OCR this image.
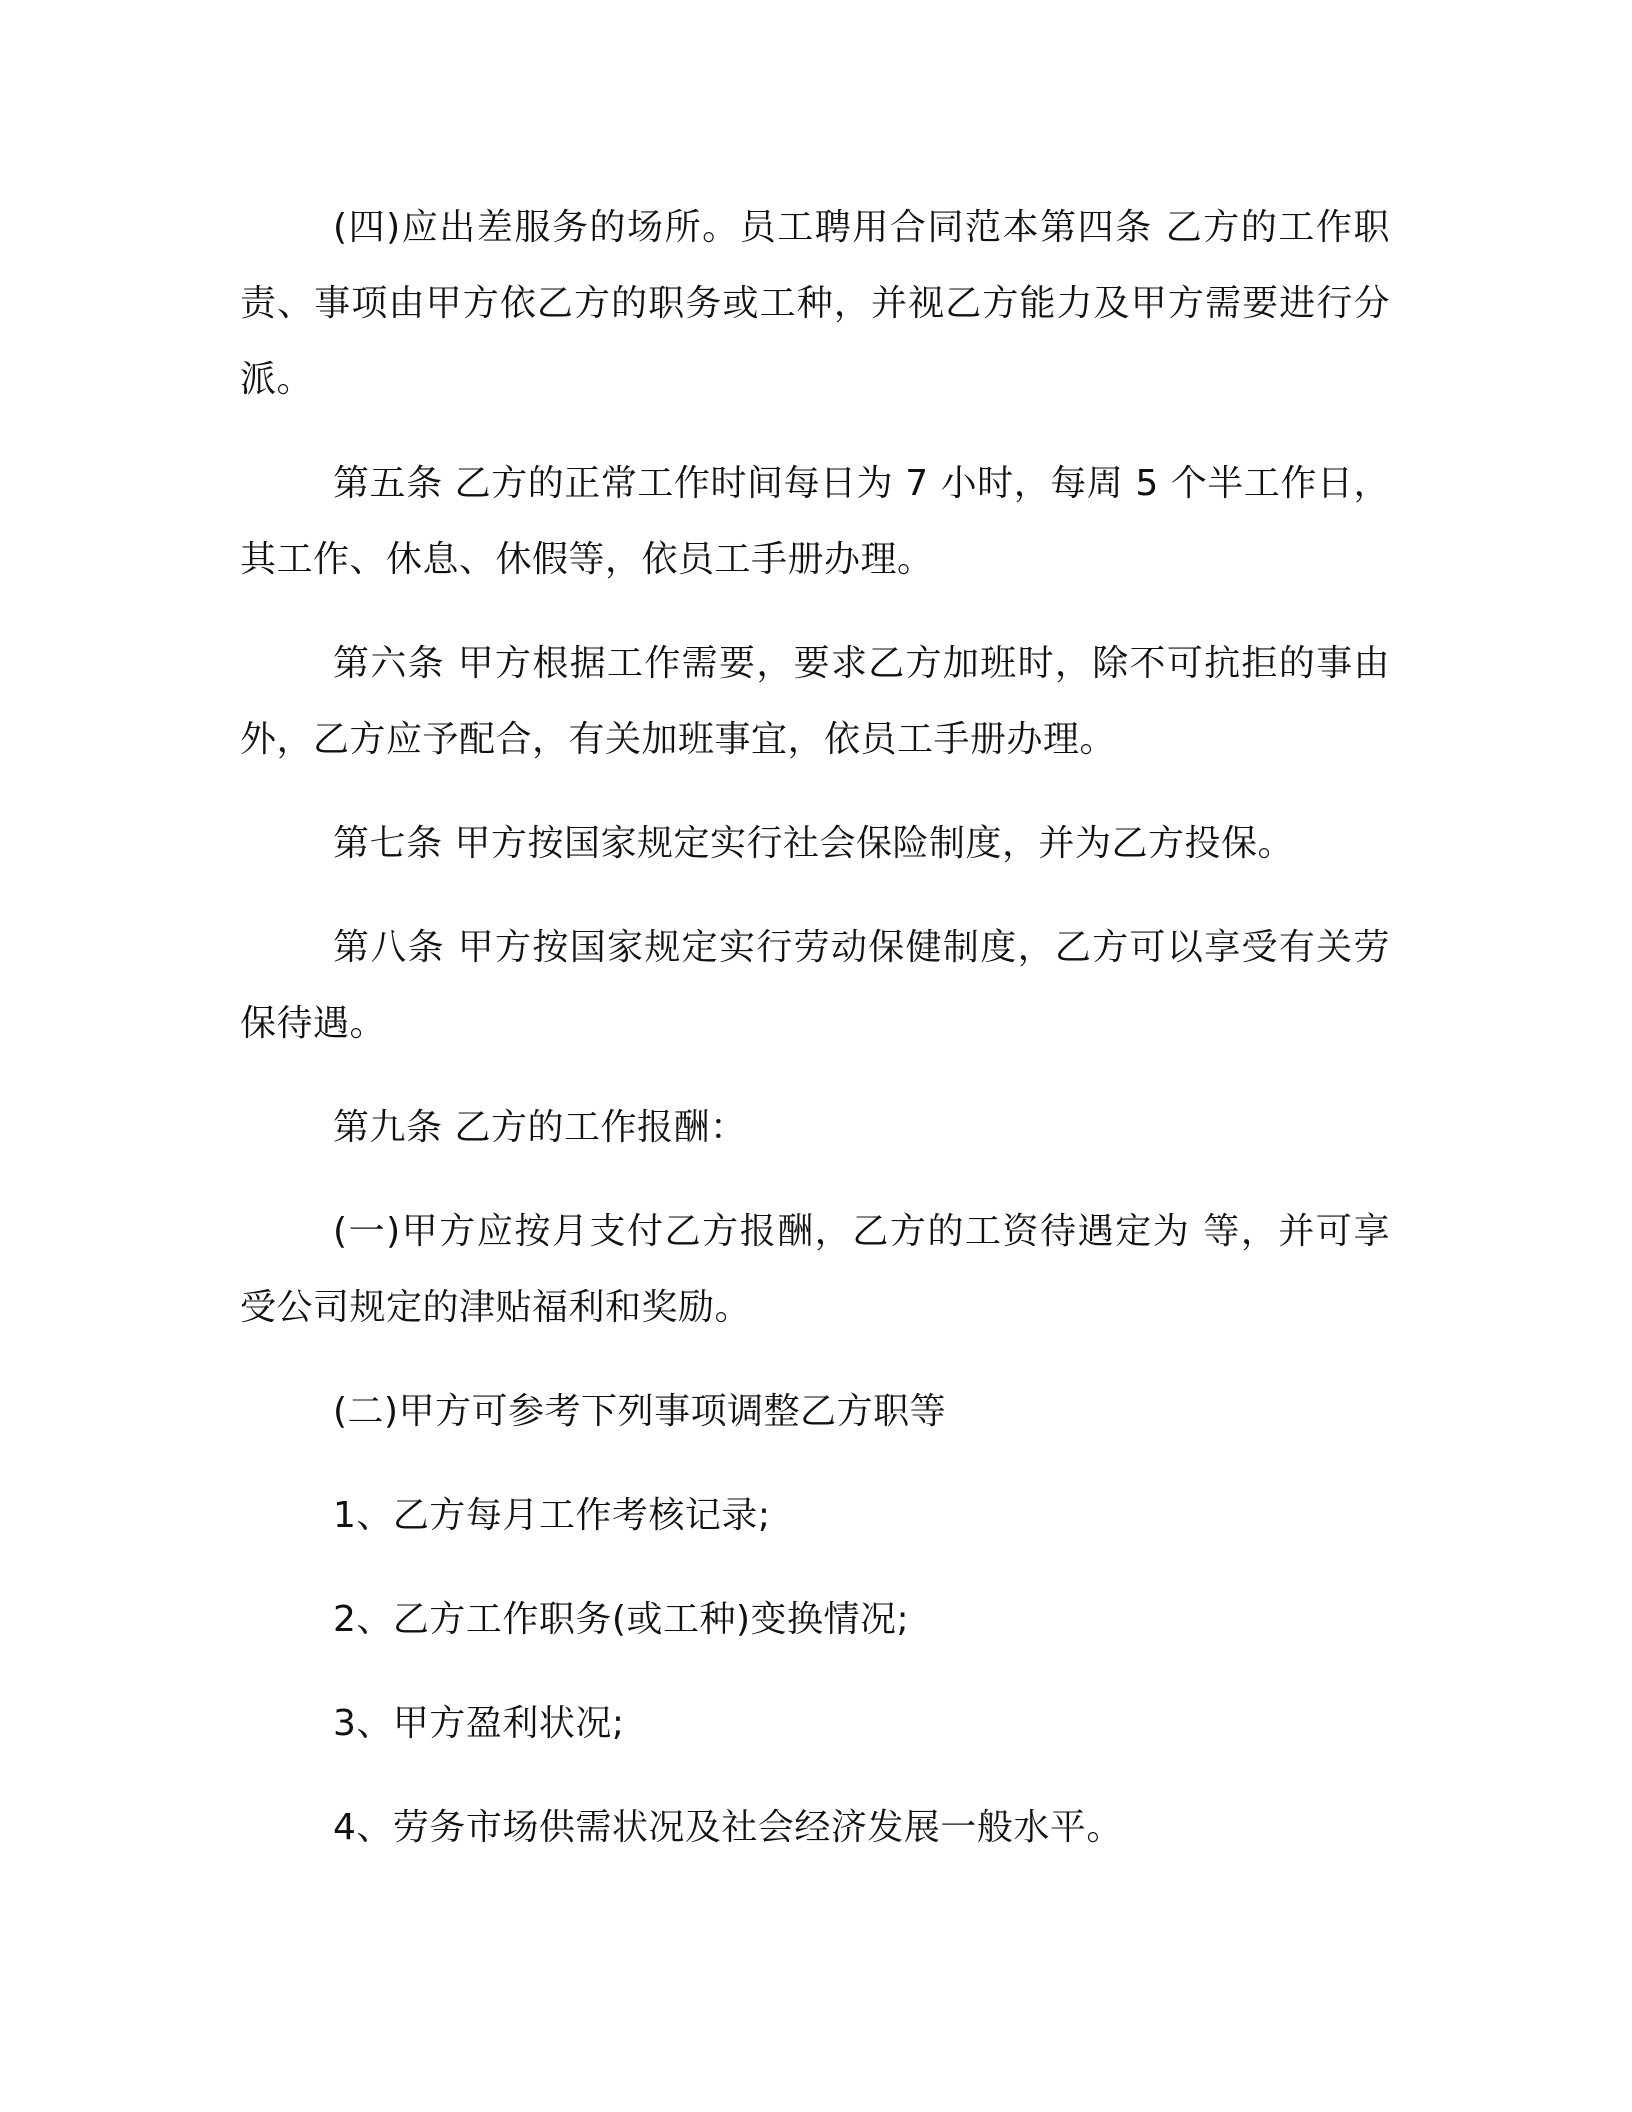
(四)应出差服务的场所。员工聘用合同范本第四条 乙方的工作职责、事项由甲方依乙方的职务或工种，并视乙方能力及甲方需要进行分派。

第五条 乙方的正常工作时间每日为 7 小时，每周 5 个半工作日，其工作、休息、休假等，依员工手册办理。

第六条 甲方根据工作需要，要求乙方加班时，除不可抗拒的事由外，乙方应予配合，有关加班事宜，依员工手册办理。

第七条 甲方按国家规定实行社会保险制度，并为乙方投保。

第八条 甲方按国家规定实行劳动保健制度，乙方可以享受有关劳保待遇。

第九条 乙方的工作报酬：

(一)甲方应按月支付乙方报酬，乙方的工资待遇定为 等，并可享受公司规定的津贴福利和奖励。

(二)甲方可参考下列事项调整乙方职等

1、乙方每月工作考核记录;

2、乙方工作职务(或工种)变换情况;

3、甲方盈利状况;

4、劳务市场供需状况及社会经济发展一般水平。
